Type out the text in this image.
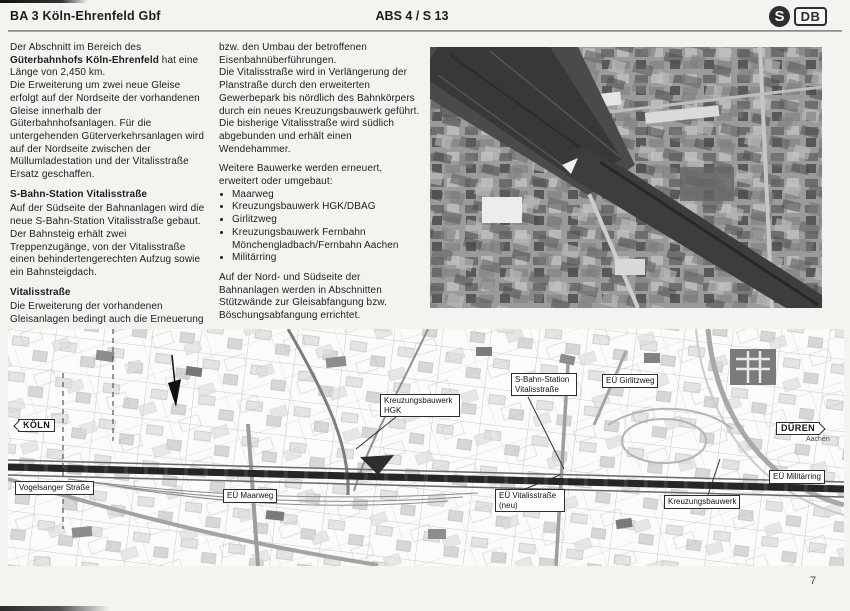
BA 3 Köln-Ehrenfeld Gbf	ABS 4 / S 13	S	DB

Der Abschnitt im Bereich des Güterbahnhofs Köln-Ehrenfeld hat eine Länge von 2,450 km.

Die Erweiterung um zwei neue Gleise erfolgt auf der Nordseite der vorhandenen Gleise innerhalb der Güterbahnhofsanlagen. Für die untergehenden Güterverkehrsanlagen wird auf der Nordseite zwischen der Müllumladestation und der Vitalisstraße Ersatz geschaffen.

S-Bahn-Station Vitalisstraße

Auf der Südseite der Bahnanlagen wird die neue S-Bahn-Station Vitalisstraße gebaut. Der Bahnsteig erhält zwei Treppenzugänge, von der Vitalisstraße einen behindertengerechten Aufzug sowie ein Bahnsteigdach.

Vitalisstraße

Die Erweiterung der vorhandenen Gleisanlagen bedingt auch die Erneuerung

bzw. den Umbau der betroffenen Eisenbahnüberführungen.

Die Vitalisstraße wird in Verlängerung der Planstraße durch den erweiterten Gewerbepark bis nördlich des Bahnkörpers durch ein neues Kreuzungsbauwerk geführt. Die bisherige Vitalisstraße wird südlich abgebunden und erhält einen Wendehammer.

Weitere Bauwerke werden erneuert, erweitert oder umgebaut:

• Maarweg
• Kreuzungsbauwerk HGK/DBAG
• Girlitzweg
• Kreuzungsbauwerk Fernbahn Mönchengladbach/Fernbahn Aachen
• Militärring

Auf der Nord- und Südseite der Bahnanlagen werden in Abschnitten Stützwände zur Gleisabfangung bzw. Böschungsabfangung errichtet.

KÖLN
Vogelsanger Straße
EÜ Maarweg
Kreuzungsbauwerk HGK
S-Bahn-Station Vitalisstraße
EÜ Vitalisstraße (neu)
EÜ Girlitzweg
DÜREN
Aachen
EÜ Militärring
Kreuzungsbauwerk
7
